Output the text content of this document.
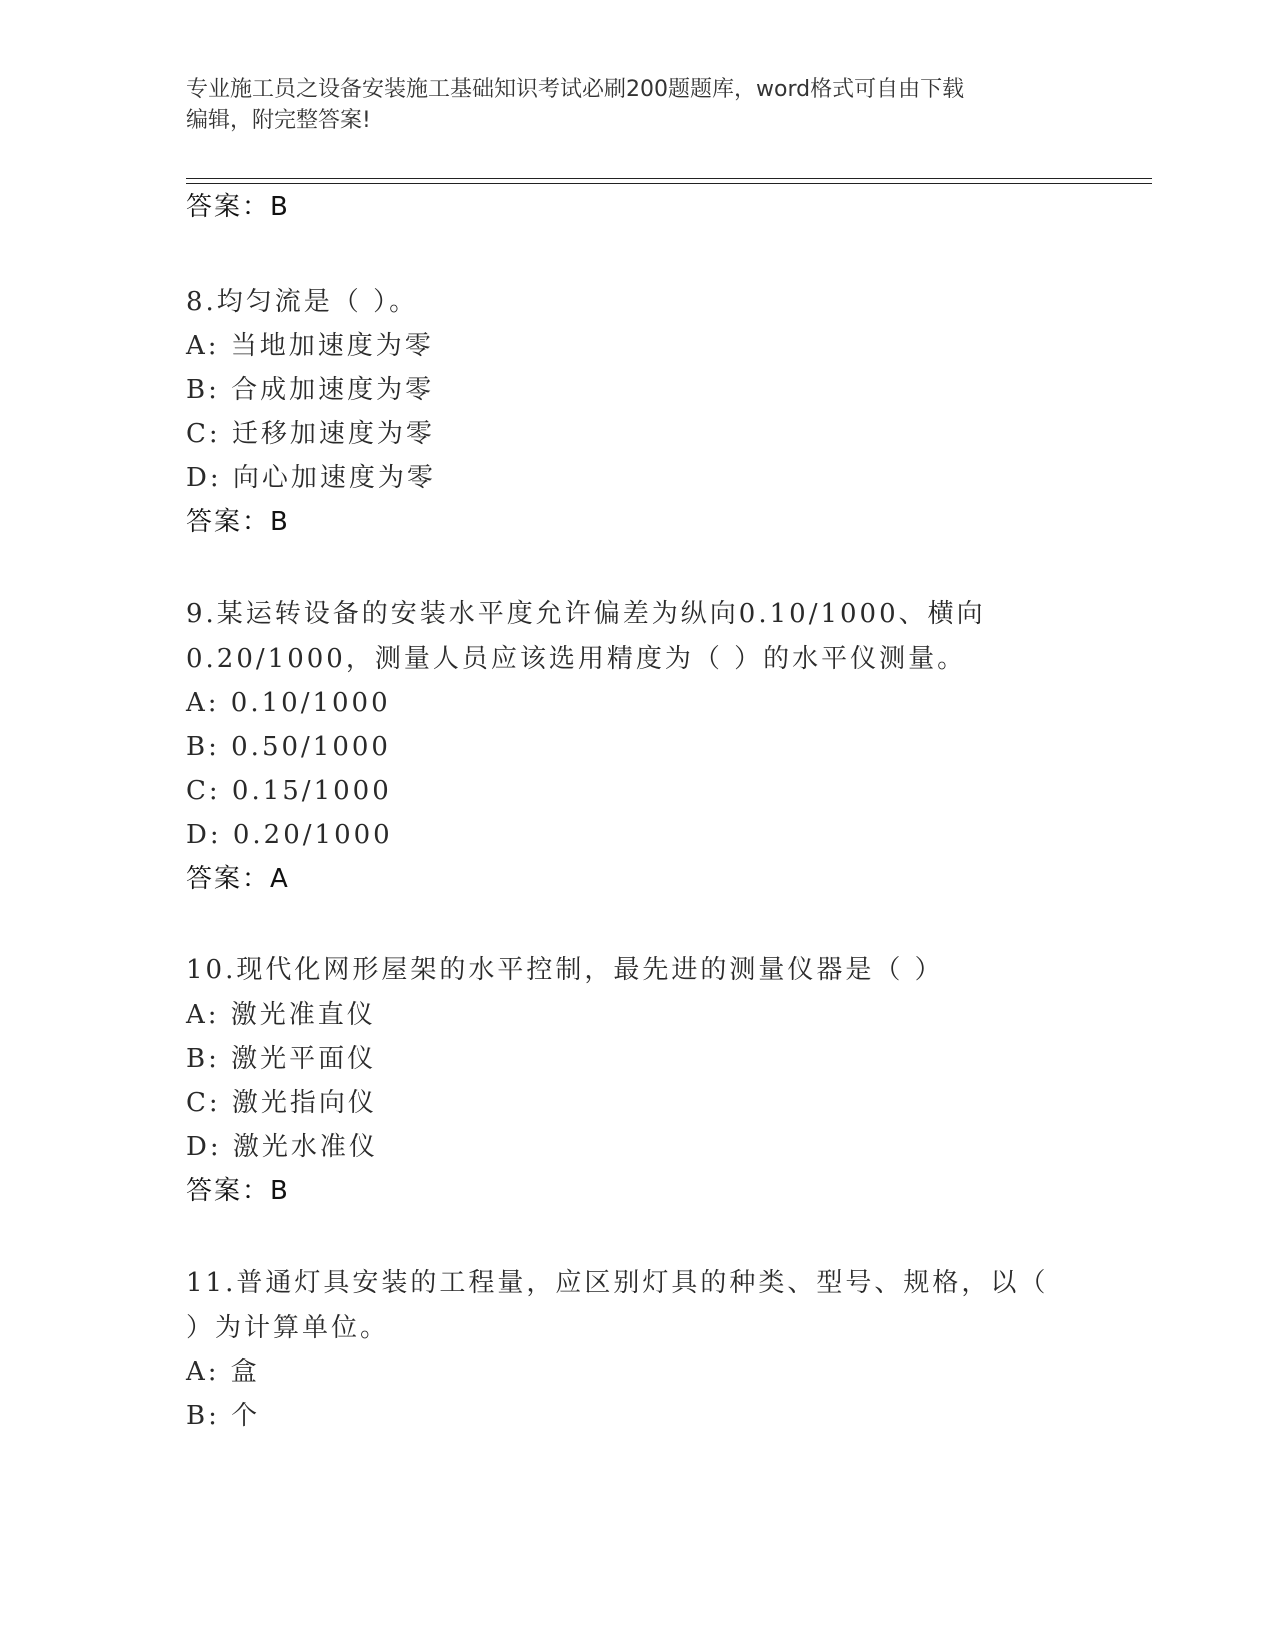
专业施工员之设备安装施工基础知识考试必刷200题题库，word格式可自由下载
编辑，附完整答案!
答案：B
8.均匀流是（ ）。
A: 当地加速度为零
B: 合成加速度为零
C: 迁移加速度为零
D: 向心加速度为零
答案：B
9.某运转设备的安装水平度允许偏差为纵向0.10/1000、横向
0.20/1000，测量人员应该选用精度为（ ）的水平仪测量。
A: 0.10/1000
B: 0.50/1000
C: 0.15/1000
D: 0.20/1000
答案：A
10.现代化网形屋架的水平控制，最先进的测量仪器是（ ）
A: 激光准直仪
B: 激光平面仪
C: 激光指向仪
D: 激光水准仪
答案：B
11.普通灯具安装的工程量，应区别灯具的种类、型号、规格，以（
）为计算单位。
A: 盒
B: 个
